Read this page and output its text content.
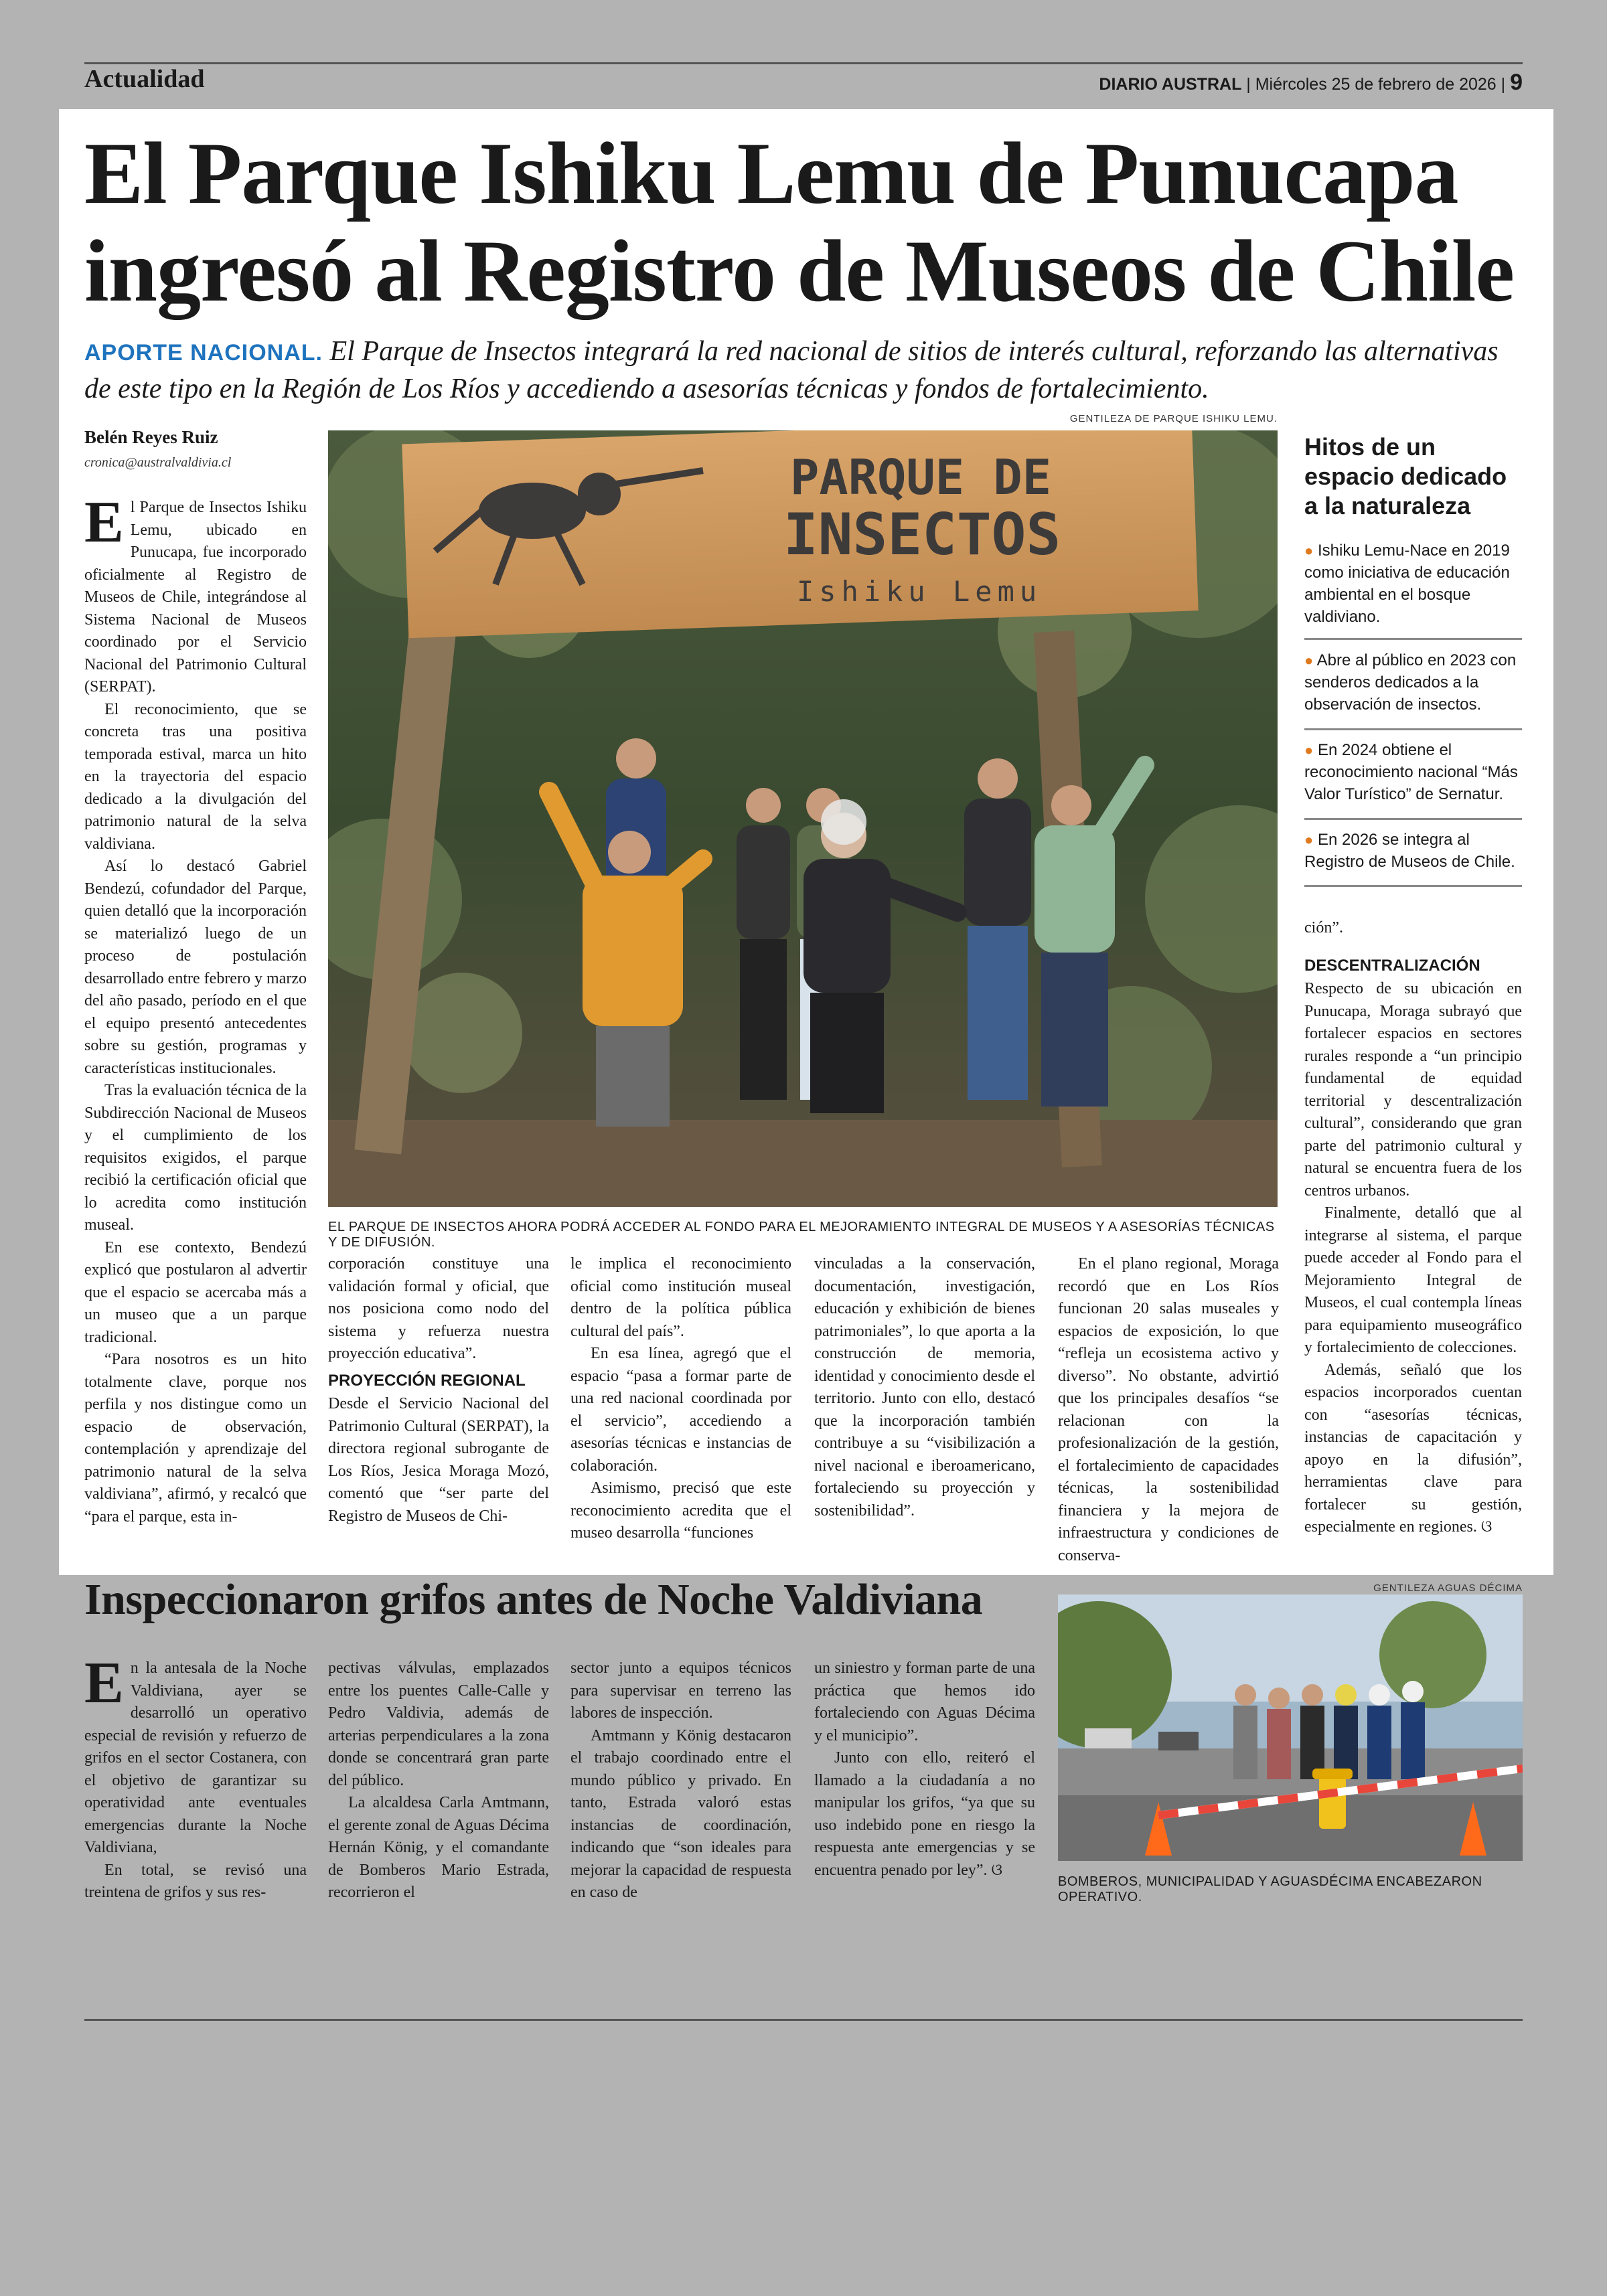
Actualidad	DIARIO AUSTRAL | Miércoles 25 de febrero de 2026 | 9
El Parque Ishiku Lemu de Punucapa ingresó al Registro de Museos de Chile
APORTE NACIONAL. El Parque de Insectos integrará la red nacional de sitios de interés cultural, reforzando las alternativas de este tipo en la Región de Los Ríos y accediendo a asesorías técnicas y fondos de fortalecimiento.
GENTILEZA DE PARQUE ISHIKU LEMU.
Belén Reyes Ruiz
cronica@australvaldivia.cl

El Parque de Insectos Ishiku Lemu, ubicado en Punucapa, fue incorporado oficialmente al Registro de Museos de Chile, integrándose al Sistema Nacional de Museos coordinado por el Servicio Nacional del Patrimonio Cultural (SERPAT).

El reconocimiento, que se concreta tras una positiva temporada estival, marca un hito en la trayectoria del espacio dedicado a la divulgación del patrimonio natural de la selva valdiviana.

Así lo destacó Gabriel Bendezú, cofundador del Parque, quien detalló que la incorporación se materializó luego de un proceso de postulación desarrollado entre febrero y marzo del año pasado, período en el que el equipo presentó antecedentes sobre su gestión, programas y características institucionales.

Tras la evaluación técnica de la Subdirección Nacional de Museos y el cumplimiento de los requisitos exigidos, el parque recibió la certificación oficial que lo acredita como institución museal.

En ese contexto, Bendezú explicó que postularon al advertir que el espacio se acercaba más a un museo que a un parque tradicional.

“Para nosotros es un hito totalmente clave, porque nos perfila y nos distingue como un espacio de observación, contemplación y aprendizaje del patrimonio natural de la selva valdiviana”, afirmó, y recalcó que “para el parque, esta in-

PARQUE DE
INSECTOS
Ishiku Lemu
EL PARQUE DE INSECTOS AHORA PODRÁ ACCEDER AL FONDO PARA EL MEJORAMIENTO INTEGRAL DE MUSEOS Y A ASESORÍAS TÉCNICAS Y DE DIFUSIÓN.

corporación constituye una validación formal y oficial, que nos posiciona como nodo del sistema y refuerza nuestra proyección educativa”.

PROYECCIÓN REGIONAL

Desde el Servicio Nacional del Patrimonio Cultural (SERPAT), la directora regional subrogante de Los Ríos, Jesica Moraga Mozó, comentó que “ser parte del Registro de Museos de Chi-

le implica el reconocimiento oficial como institución museal dentro de la política pública cultural del país”.

En esa línea, agregó que el espacio “pasa a formar parte de una red nacional coordinada por el servicio”, accediendo a asesorías técnicas e instancias de colaboración.

Asimismo, precisó que este reconocimiento acredita que el museo desarrolla “funciones

vinculadas a la conservación, documentación, investigación, educación y exhibición de bienes patrimoniales”, lo que aporta a la construcción de memoria, identidad y conocimiento desde el territorio. Junto con ello, destacó que la incorporación también contribuye a su “visibilización a nivel nacional e iberoamericano, fortaleciendo su proyección y sostenibilidad”.

En el plano regional, Moraga recordó que en Los Ríos funcionan 20 salas museales y espacios de exposición, lo que “refleja un ecosistema activo y diverso”. No obstante, advirtió que los principales desafíos “se relacionan con la profesionalización de la gestión, el fortalecimiento de capacidades técnicas, la sostenibilidad financiera y la mejora de infraestructura y condiciones de conserva-

Hitos de un espacio dedicado a la naturaleza
● Ishiku Lemu-Nace en 2019 como iniciativa de educación ambiental en el bosque valdiviano.
● Abre al público en 2023 con senderos dedicados a la observación de insectos.
● En 2024 obtiene el reconocimiento nacional “Más Valor Turístico” de Sernatur.
● En 2026 se integra al Registro de Museos de Chile.

ción”.

DESCENTRALIZACIÓN

Respecto de su ubicación en Punucapa, Moraga subrayó que fortalecer espacios en sectores rurales responde a “un principio fundamental de equidad territorial y descentralización cultural”, considerando que gran parte del patrimonio cultural y natural se encuentra fuera de los centros urbanos.

Finalmente, detalló que al integrarse al sistema, el parque puede acceder al Fondo para el Mejoramiento Integral de Museos, el cual contempla líneas para equipamiento museográfico y fortalecimiento de colecciones.

Además, señaló que los espacios incorporados cuentan con “asesorías técnicas, instancias de capacitación y apoyo en la difusión”, herramientas clave para fortalecer su gestión, especialmente en regiones. ଓ

Inspeccionaron grifos antes de Noche Valdiviana	GENTILEZA AGUAS DÉCIMA

En la antesala de la Noche Valdiviana, ayer se desarrolló un operativo especial de revisión y refuerzo de grifos en el sector Costanera, con el objetivo de garantizar su operatividad ante eventuales emergencias durante la Noche Valdiviana,

En total, se revisó una treintena de grifos y sus res-

pectivas válvulas, emplazados entre los puentes Calle-Calle y Pedro Valdivia, además de arterias perpendiculares a la zona donde se concentrará gran parte del público.

La alcaldesa Carla Amtmann, el gerente zonal de Aguas Décima Hernán König, y el comandante de Bomberos Mario Estrada, recorrieron el

sector junto a equipos técnicos para supervisar en terreno las labores de inspección.

Amtmann y König destacaron el trabajo coordinado entre el mundo público y privado. En tanto, Estrada valoró estas instancias de coordinación, indicando que “son ideales para mejorar la capacidad de respuesta en caso de

un siniestro y forman parte de una práctica que hemos ido fortaleciendo con Aguas Décima y el municipio”.

Junto con ello, reiteró el llamado a la ciudadanía a no manipular los grifos, “ya que su uso indebido pone en riesgo la respuesta ante emergencias y se encuentra penado por ley”. ଓ

BOMBEROS, MUNICIPALIDAD Y AGUASDÉCIMA ENCABEZARON OPERATIVO.
